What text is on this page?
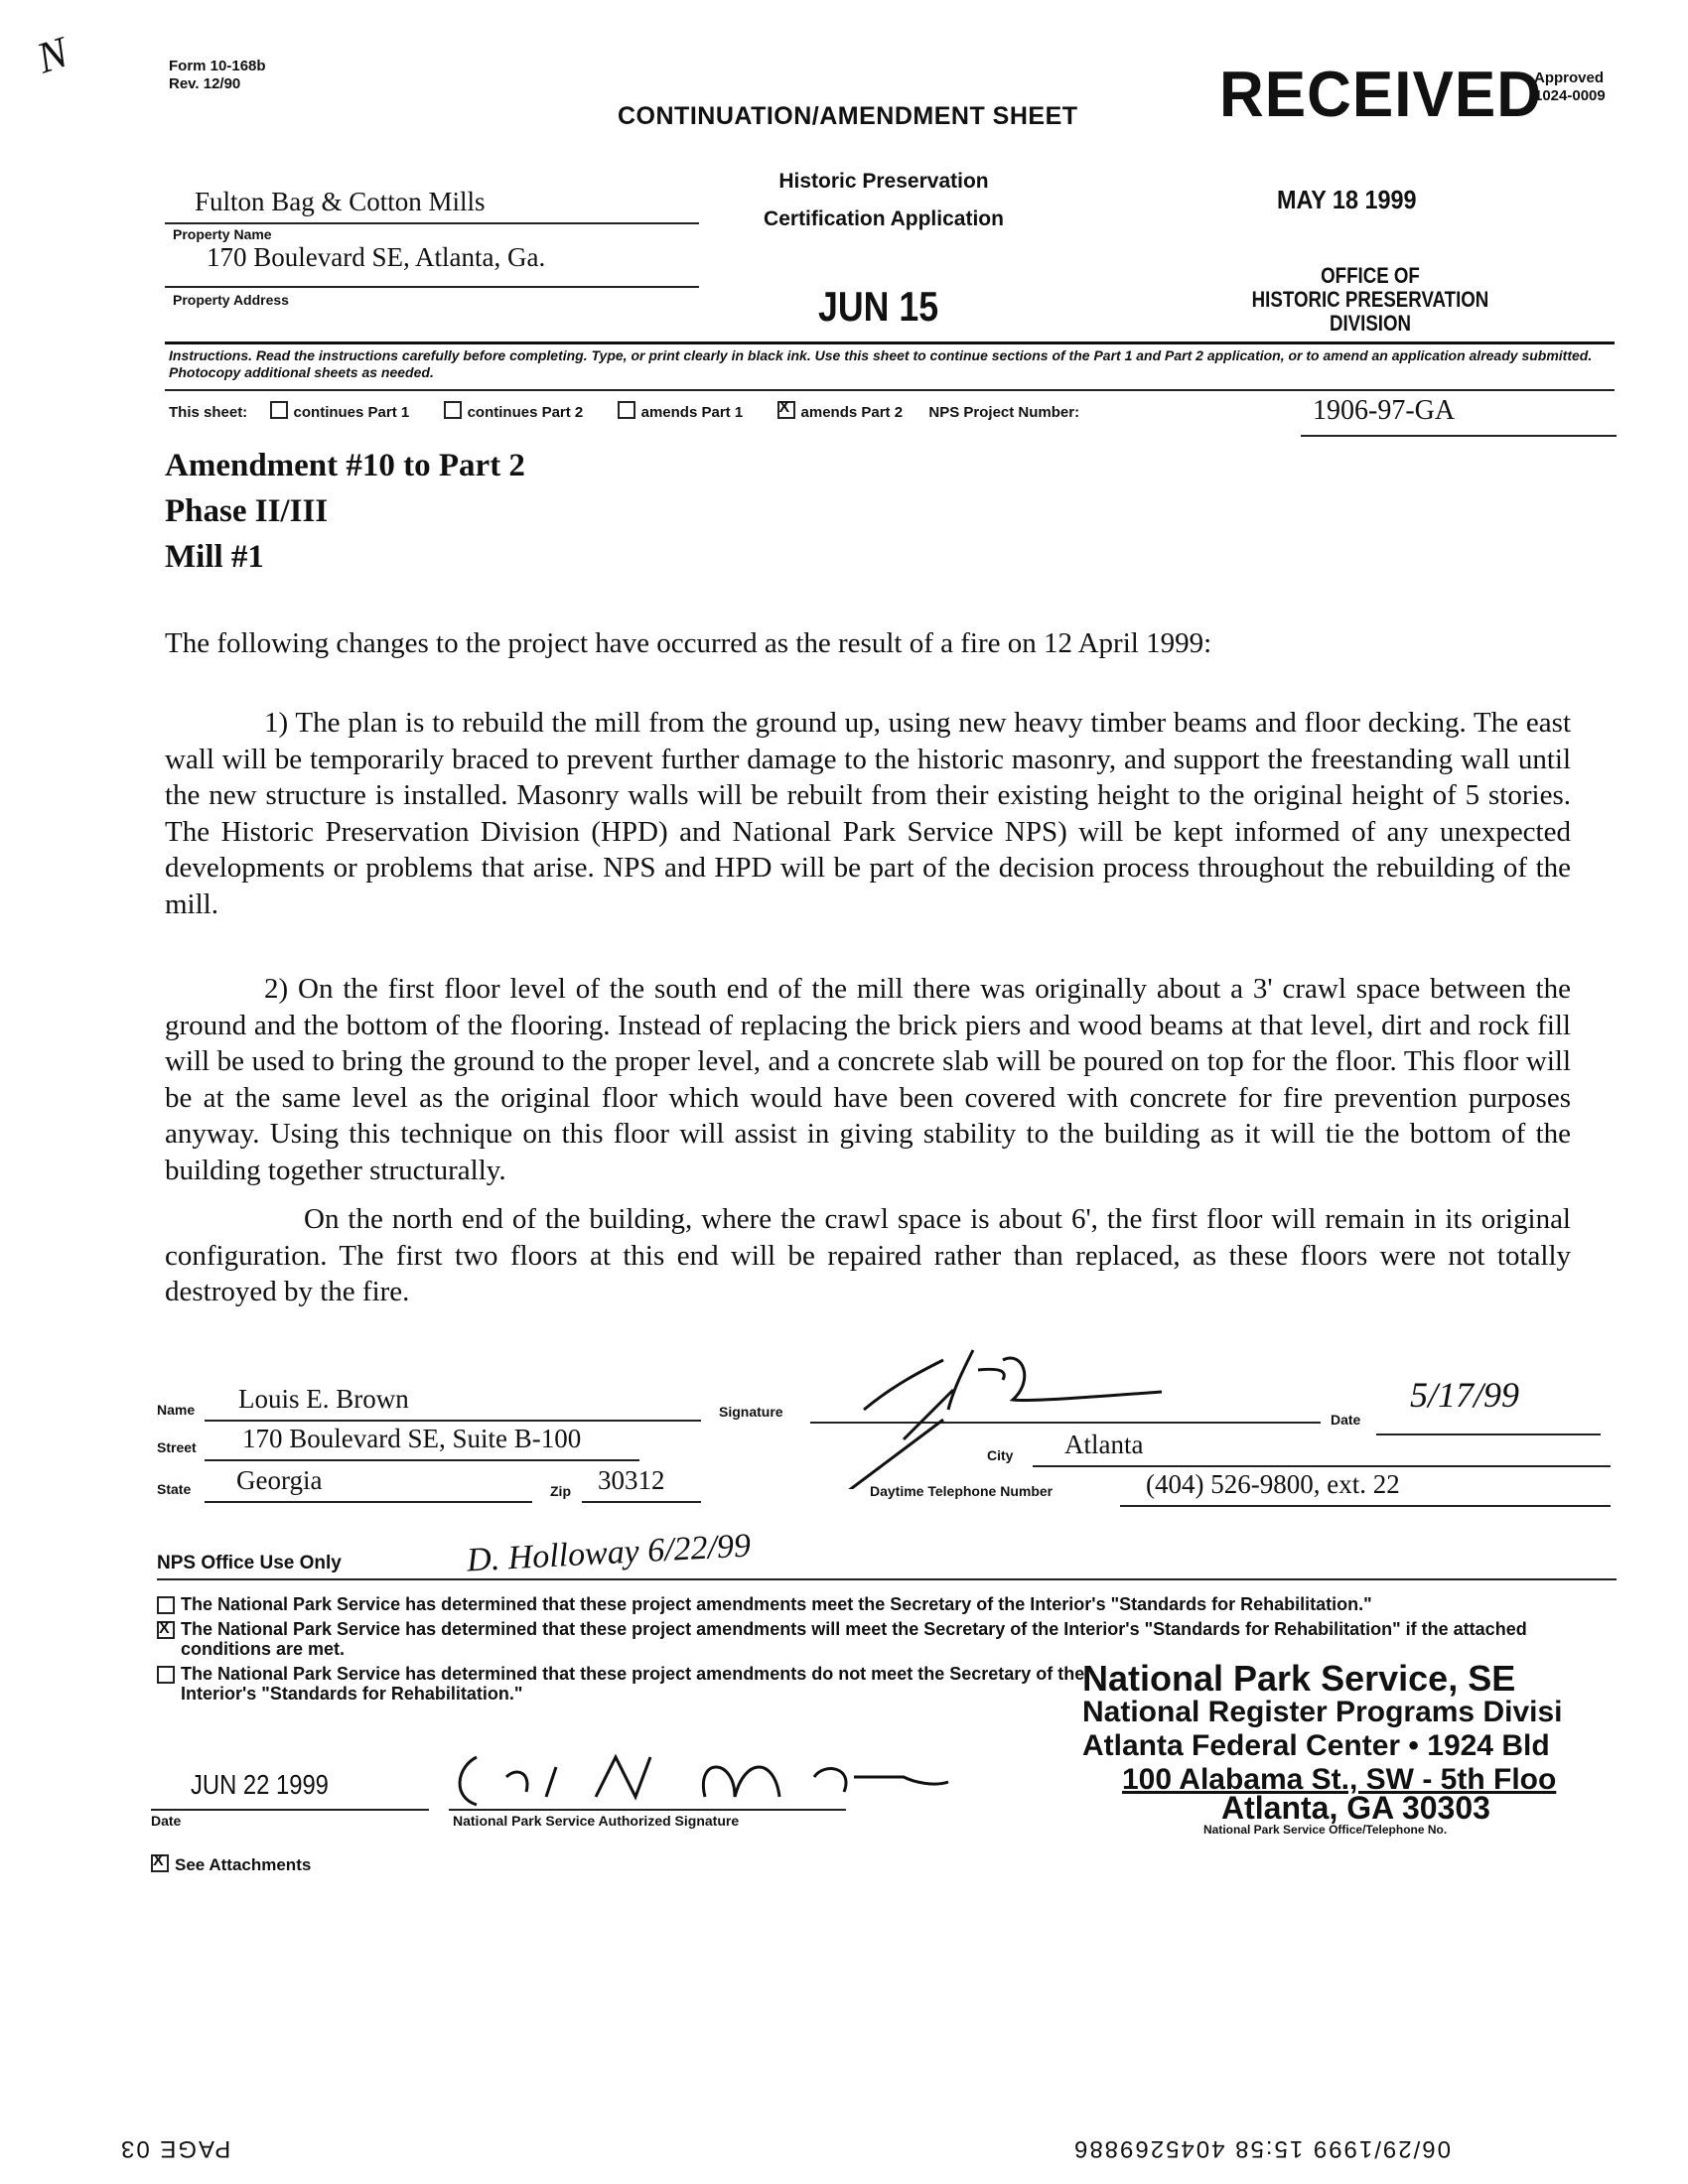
N	Form 10-168b
Rev. 12/90
CONTINUATION/AMENDMENT SHEET RECEIVED
Approved
1024-0009
Historic Preservation
Certification Application
MAY 18 1999
OFFICE OF
HISTORIC PRESERVATION DIVISION
JUN 15
Fulton Bag & Cotton Mills
Property Name
170 Boulevard SE, Atlanta, Ga.
Property Address
Instructions. Read the instructions carefully before completing. Type, or print clearly in black ink. Use this sheet to continue sections of the Part 1 and Part 2 application, or to amend an application already submitted. Photocopy additional sheets as needed.
This sheet:	continues Part 1	continues Part 2	amends Part 1  X	amends Part 2 NPS Project Number:	1906-97-GA
Amendment #10 to Part 2
Phase II/III
Mill #1
The following changes to the project have occurred as the result of a fire on 12 April 1999:
1) The plan is to rebuild the mill from the ground up, using new heavy timber beams and floor decking. The east wall will be temporarily braced to prevent further damage to the historic masonry, and support the freestanding wall until the new structure is installed. Masonry walls will be rebuilt from their existing height to the original height of 5 stories. The Historic Preservation Division (HPD) and National Park Service NPS) will be kept informed of any unexpected developments or problems that arise. NPS and HPD will be part of the decision process throughout the rebuilding of the mill.
2) On the first floor level of the south end of the mill there was originally about a 3' crawl space between the ground and the bottom of the flooring. Instead of replacing the brick piers and wood beams at that level, dirt and rock fill will be used to bring the ground to the proper level, and a concrete slab will be poured on top for the floor. This floor will be at the same level as the original floor which would have been covered with concrete for fire prevention purposes anyway. Using this technique on this floor will assist in giving stability to the building as it will tie the bottom of the building together structurally.
On the north end of the building, where the crawl space is about 6', the first floor will remain in its original configuration. The first two floors at this end will be repaired rather than replaced, as these floors were not totally destroyed by the fire.
Name Louis E. Brown	Signature	Date
5/17/99
Street 170 Boulevard SE, Suite B-100
City Atlanta
State Georgia	Zip 30312	Daytime Telephone Number	(404) 526-9800, ext. 22
NPS Office Use Only	D. Holloway 6/22/99
The National Park Service has determined that these project amendments meet the Secretary of the Interior's "Standards for Rehabilitation."
X
The National Park Service has determined that these project amendments will meet the Secretary of the Interior's "Standards for Rehabilitation" if the attached conditions are met.
The National Park Service has determined that these project amendments do not meet the Secretary of the Interior's "Standards for Rehabilitation."	National Park Service, SE
National Register Programs Divisi
Atlanta Federal Center • 1924 Bld
100 Alabama St., SW - 5th Floo
Atlanta, GA 30303
National Park Service Office/Telephone No.
JUN 22 1999
Date	National Park Service Authorized Signature
XSee Attachments
PAGE 03	06/29/1999 15:58 4045269886
